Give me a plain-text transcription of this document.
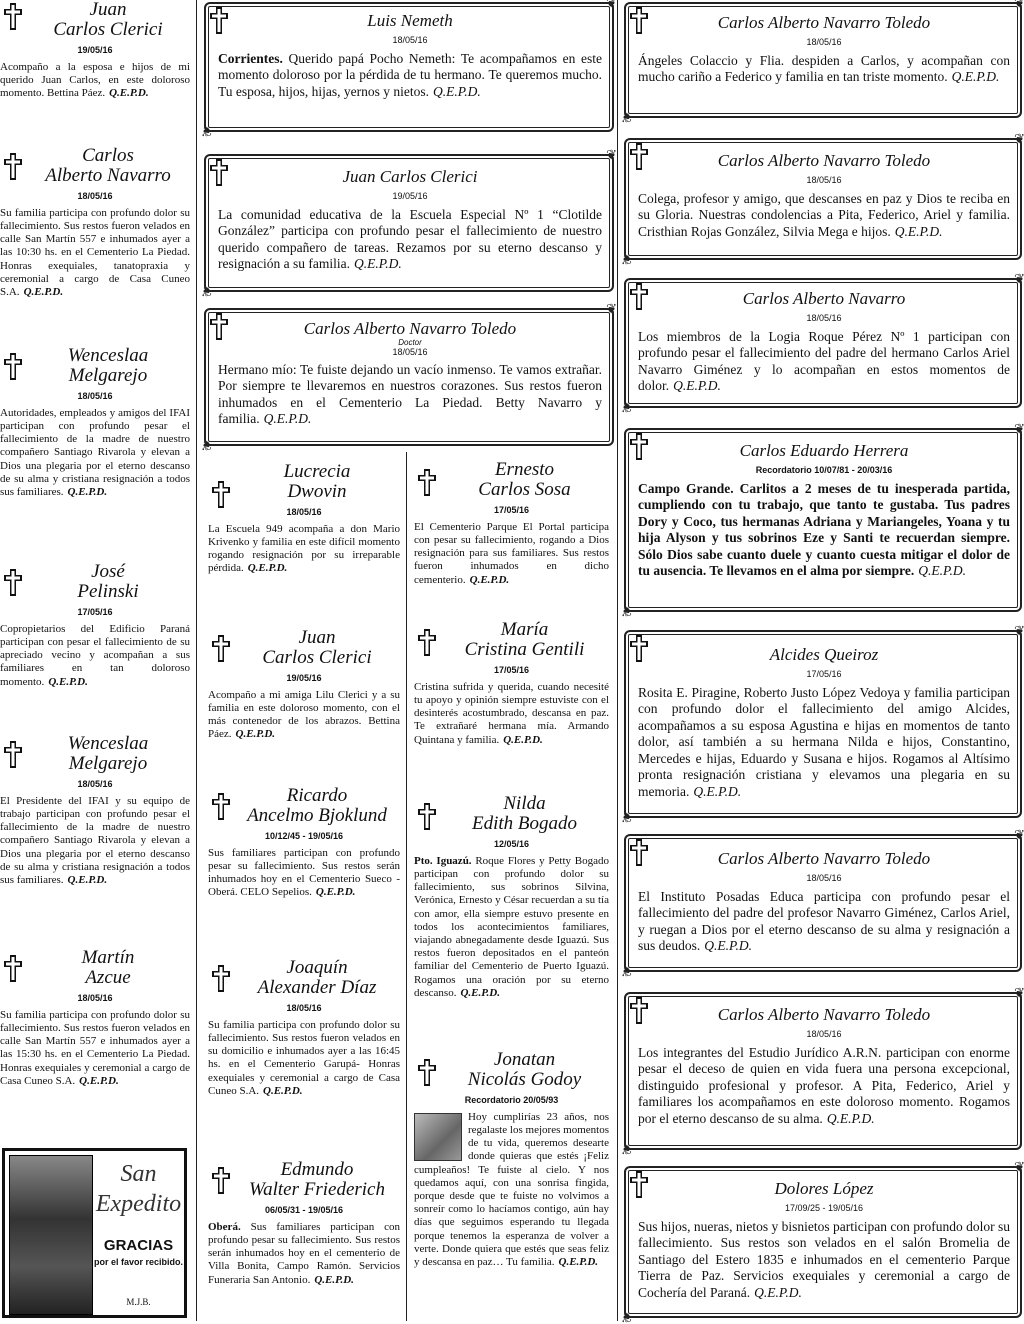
Juan
Carlos Clerici

19/05/16
Acompaño a la esposa e hijos de mi querido Juan Carlos, en este doloroso momento. Bettina Páez. Q.E.P.D.

Carlos
Alberto Navarro

18/05/16
Su familia participa con profundo dolor su fallecimiento. Sus restos fueron velados en calle San Martín 557 e inhumados ayer a las 10:30 hs. en el Cementerio La Piedad. Honras exequiales, tanatopraxia y ceremonial a cargo de Casa Cuneo S.A. Q.E.P.D.

Wenceslaa
Melgarejo

18/05/16
Autoridades, empleados y amigos del IFAI participan con profundo pesar el fallecimiento de la madre de nuestro compañero Santiago Rivarola y elevan a Dios una plegaria por el eterno descanso de su alma y cristiana resignación a todos sus familiares. Q.E.P.D.

José
Pelinski

17/05/16
Copropietarios del Edificio Paraná participan con pesar el fallecimiento de su apreciado vecino y acompañan a sus familiares en tan doloroso momento. Q.E.P.D.

Wenceslaa
Melgarejo

18/05/16
El Presidente del IFAI y su equipo de trabajo participan con profundo pesar el fallecimiento de la madre de nuestro compañero Santiago Rivarola y elevan a Dios una plegaria por el eterno descanso de su alma y cristiana resignación a todos sus familiares. Q.E.P.D.

Martín
Azcue

18/05/16
Su familia participa con profundo dolor su fallecimiento. Sus restos fueron velados en calle San Martín 557 e inhumados ayer a las 15:30 hs. en el Cementerio La Piedad. Honras exequiales y ceremonial a cargo de Casa Cuneo S.A. Q.E.P.D.
San
Expedito
GRACIAS
por el favor recibido.
M.J.B.

❦ Luis Nemeth

18/05/16
Corrientes. Querido papá Pocho Nemeth: Te acompañamos en este momento doloroso por la pérdida de tu hermano. Te queremos mucho. Tu esposa, hijos, hijas, yernos y nietos. Q.E.P.D.
❦

❦ Juan Carlos Clerici

19/05/16
La comunidad educativa de la Escuela Especial Nº 1 “Clotilde González” participa con profundo pesar el fallecimiento de nuestro querido compañero de tareas. Rezamos por su eterno descanso y resignación a su familia. Q.E.P.D.
❦

❦ Carlos Alberto Navarro Toledo

Doctor
18/05/16
Hermano mío: Te fuiste dejando un vacío inmenso. Te vamos extrañar. Por siempre te llevaremos en nuestros corazones. Sus restos fueron inhumados en el Cementerio La Piedad. Betty Navarro y familia. Q.E.P.D.
❦

Lucrecia
Dwovin

18/05/16
La Escuela 949 acompaña a don Mario Krivenko y familia en este difícil momento rogando resignación por su irreparable pérdida. Q.E.P.D.

Juan
Carlos Clerici

19/05/16
Acompaño a mi amiga Lilu Clerici y a su familia en este doloroso momento, con el más contenedor de los abrazos. Bettina Páez. Q.E.P.D.

Ricardo
Ancelmo Bjoklund

10/12/45 - 19/05/16
Sus familiares participan con profundo pesar su fallecimiento. Sus restos serán inhumados hoy en el Cementerio Sueco - Oberá. CELO Sepelios. Q.E.P.D.

Joaquín
Alexander Díaz

18/05/16
Su familia participa con profundo dolor su fallecimiento. Sus restos fueron velados en su domicilio e inhumados ayer a las 16:45 hs. en el Cementerio Garupá- Honras exequiales y ceremonial a cargo de Casa Cuneo S.A. Q.E.P.D.

Edmundo
Walter Friederich

06/05/31 - 19/05/16
Oberá. Sus familiares participan con profundo pesar su fallecimiento. Sus restos serán inhumados hoy en el cementerio de Villa Bonita, Campo Ramón. Servicios Funeraria San Antonio. Q.E.P.D.

Ernesto
Carlos Sosa

17/05/16
El Cementerio Parque El Portal participa con pesar su fallecimiento, rogando a Dios resignación para sus familiares. Sus restos fueron inhumados en dicho cementerio. Q.E.P.D.

María
Cristina Gentili

17/05/16
Cristina sufrida y querida, cuando necesité tu apoyo y opinión siempre estuviste con el desinterés acostumbrado, descansa en paz. Te extrañaré hermana mía. Armando Quintana y familia. Q.E.P.D.

Nilda
Edith Bogado

12/05/16
Pto. Iguazú. Roque Flores y Petty Bogado participan con profundo dolor su fallecimiento, sus sobrinos Silvina, Verónica, Ernesto y César recuerdan a su tía con amor, ella siempre estuvo presente en todos los acontecimientos familiares, viajando abnegadamente desde Iguazú. Sus restos fueron depositados en el panteón familiar del Cementerio de Puerto Iguazú. Rogamos una oración por su eterno descanso. Q.E.P.D.

Jonatan
Nicolás Godoy

Recordatorio 20/05/93
Hoy cumplirías 23 años, nos regalaste los mejores momentos de tu vida, queremos desearte donde quieras que estés ¡Feliz cumpleaños! Te fuiste al cielo. Y nos quedamos aquí, con una sonrisa fingida, porque desde que te fuiste no volvimos a sonreír como lo hacíamos contigo, aún hay días que seguimos esperando tu llegada porque tenemos la esperanza de volver a verte. Donde quiera que estés que seas feliz y descansa en paz… Tu familia. Q.E.P.D.

❦ Carlos Alberto Navarro Toledo

18/05/16
Ángeles Colaccio y Flia. despiden a Carlos, y acompañan con mucho cariño a Federico y familia en tan triste momento. Q.E.P.D.
❦

❦ Carlos Alberto Navarro Toledo

18/05/16
Colega, profesor y amigo, que descanses en paz y Dios te reciba en su Gloria. Nuestras condolencias a Pita, Federico, Ariel y familia. Cristhian Rojas González, Silvia Mega e hijos. Q.E.P.D.
❦

❦ Carlos Alberto Navarro

18/05/16
Los miembros de la Logia Roque Pérez Nº 1 participan con profundo pesar el fallecimiento del padre del hermano Carlos Ariel Navarro Giménez y lo acompañan en estos momentos de dolor. Q.E.P.D.
❦

❦ Carlos Eduardo Herrera

Recordatorio 10/07/81 - 20/03/16
Campo Grande. Carlitos a 2 meses de tu inesperada partida, cumpliendo con tu trabajo, que tanto te gustaba. Tus padres Dory y Coco, tus hermanas Adriana y Mariangeles, Yoana y tu hija Alyson y tus sobrinos Eze y Santi te recuerdan siempre. Sólo Dios sabe cuanto duele y cuanto cuesta mitigar el dolor de tu ausencia. Te llevamos en el alma por siempre. Q.E.P.D.
❦

❦ Alcides Queiroz

17/05/16
Rosita E. Piragine, Roberto Justo López Vedoya y familia participan con profundo dolor el fallecimiento del amigo Alcides, acompañamos a su esposa Agustina e hijas en momentos de tanto dolor, así también a su hermana Nilda e hijos, Constantino, Mercedes e hijas, Eduardo y Susana e hijos. Rogamos al Altísimo pronta resignación cristiana y elevamos una plegaria en su memoria. Q.E.P.D.
❦

❦ Carlos Alberto Navarro Toledo

18/05/16
El Instituto Posadas Educa participa con profundo pesar el fallecimiento del padre del profesor Navarro Giménez, Carlos Ariel, y ruegan a Dios por el eterno descanso de su alma y resignación a sus deudos. Q.E.P.D.
❦

❦ Carlos Alberto Navarro Toledo

18/05/16
Los integrantes del Estudio Jurídico A.R.N. participan con enorme pesar el deceso de quien en vida fuera una persona excepcional, distinguido profesional y profesor. A Pita, Federico, Ariel y familiares los acompañamos en este doloroso momento. Rogamos por el eterno descanso de su alma. Q.E.P.D.
❦

❦ Dolores López

17/09/25 - 19/05/16
Sus hijos, nueras, nietos y bisnietos participan con profundo dolor su fallecimiento. Sus restos son velados en el salón Bromelia de Santiago del Estero 1835 e inhumados en el cementerio Parque Tierra de Paz. Servicios exequiales y ceremonial a cargo de Cochería del Paraná. Q.E.P.D.
❦
